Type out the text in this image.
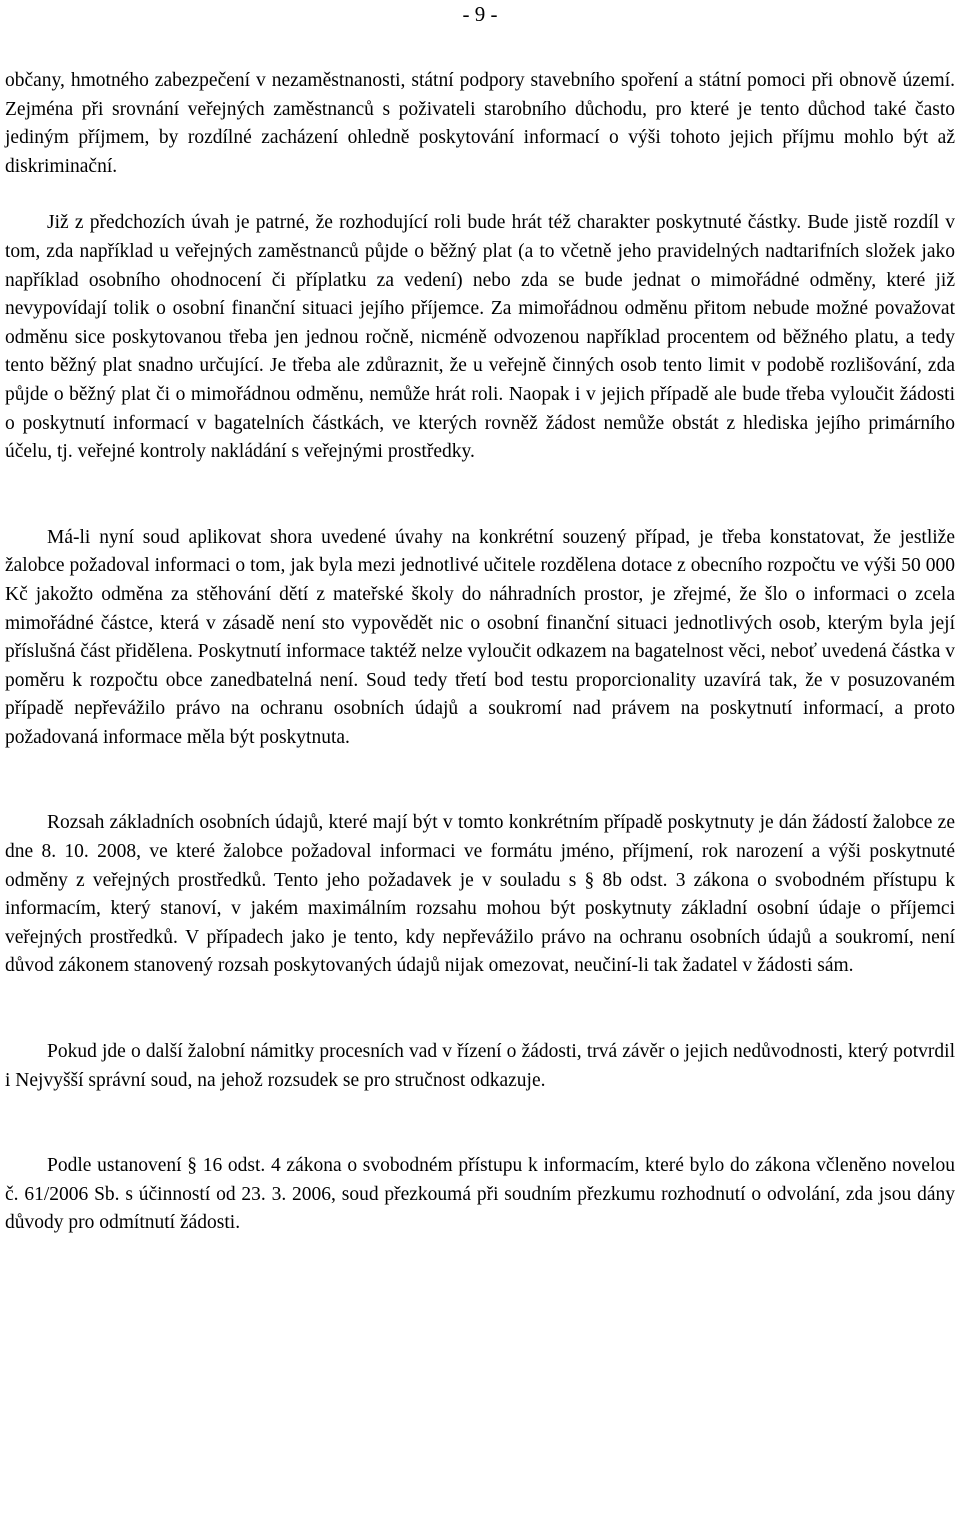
- 9 -

občany, hmotného zabezpečení v nezaměstnanosti, státní podpory stavebního spoření a státní pomoci při obnově území. Zejména při srovnání veřejných zaměstnanců s poživateli starobního důchodu, pro které je tento důchod také často jediným příjmem, by rozdílné zacházení ohledně poskytování informací o výši tohoto jejich příjmu mohlo být až diskriminační.

Již z předchozích úvah je patrné, že rozhodující roli bude hrát též charakter poskytnuté částky. Bude jistě rozdíl v tom, zda například u veřejných zaměstnanců půjde o běžný plat (a to včetně jeho pravidelných nadtarifních složek jako například osobního ohodnocení či příplatku za vedení) nebo zda se bude jednat o mimořádné odměny, které již nevypovídají tolik o osobní finanční situaci jejího příjemce. Za mimořádnou odměnu přitom nebude možné považovat odměnu sice poskytovanou třeba jen jednou ročně, nicméně odvozenou například procentem od běžného platu, a tedy tento běžný plat snadno určující. Je třeba ale zdůraznit, že u veřejně činných osob tento limit v podobě rozlišování, zda půjde o běžný plat či o mimořádnou odměnu, nemůže hrát roli. Naopak i v jejich případě ale bude třeba vyloučit žádosti o poskytnutí informací v bagatelních částkách, ve kterých rovněž žádost nemůže obstát z hlediska jejího primárního účelu, tj. veřejné kontroly nakládání s veřejnými prostředky.

Má-li nyní soud aplikovat shora uvedené úvahy na konkrétní souzený případ, je třeba konstatovat, že jestliže žalobce požadoval informaci o tom, jak byla mezi jednotlivé učitele rozdělena dotace z obecního rozpočtu ve výši 50 000 Kč jakožto odměna za stěhování dětí z mateřské školy do náhradních prostor, je zřejmé, že šlo o informaci o zcela mimořádné částce, která v zásadě není sto vypovědět nic o osobní finanční situaci jednotlivých osob, kterým byla její příslušná část přidělena. Poskytnutí informace taktéž nelze vyloučit odkazem na bagatelnost věci, neboť uvedená částka v poměru k rozpočtu obce zanedbatelná není. Soud tedy třetí bod testu proporcionality uzavírá tak, že v posuzovaném případě nepřevážilo právo na ochranu osobních údajů a soukromí nad právem na poskytnutí informací, a proto požadovaná informace měla být poskytnuta.

Rozsah základních osobních údajů, které mají být v tomto konkrétním případě poskytnuty je dán žádostí žalobce ze dne 8. 10. 2008, ve které žalobce požadoval informaci ve formátu jméno, příjmení, rok narození a výši poskytnuté odměny z veřejných prostředků. Tento jeho požadavek je v souladu s § 8b odst. 3 zákona o svobodném přístupu k informacím, který stanoví, v jakém maximálním rozsahu mohou být poskytnuty základní osobní údaje o příjemci veřejných prostředků. V případech jako je tento, kdy nepřevážilo právo na ochranu osobních údajů a soukromí, není důvod zákonem stanovený rozsah poskytovaných údajů nijak omezovat, neučiní-li tak žadatel v žádosti sám.

Pokud jde o další žalobní námitky procesních vad v řízení o žádosti, trvá závěr o jejich nedůvodnosti, který potvrdil i Nejvyšší správní soud, na jehož rozsudek se pro stručnost odkazuje.

Podle ustanovení § 16 odst. 4 zákona o svobodném přístupu k informacím, které bylo do zákona včleněno novelou č. 61/2006 Sb. s účinností od 23. 3. 2006, soud přezkoumá při soudním přezkumu rozhodnutí o odvolání, zda jsou dány důvody pro odmítnutí žádosti.
